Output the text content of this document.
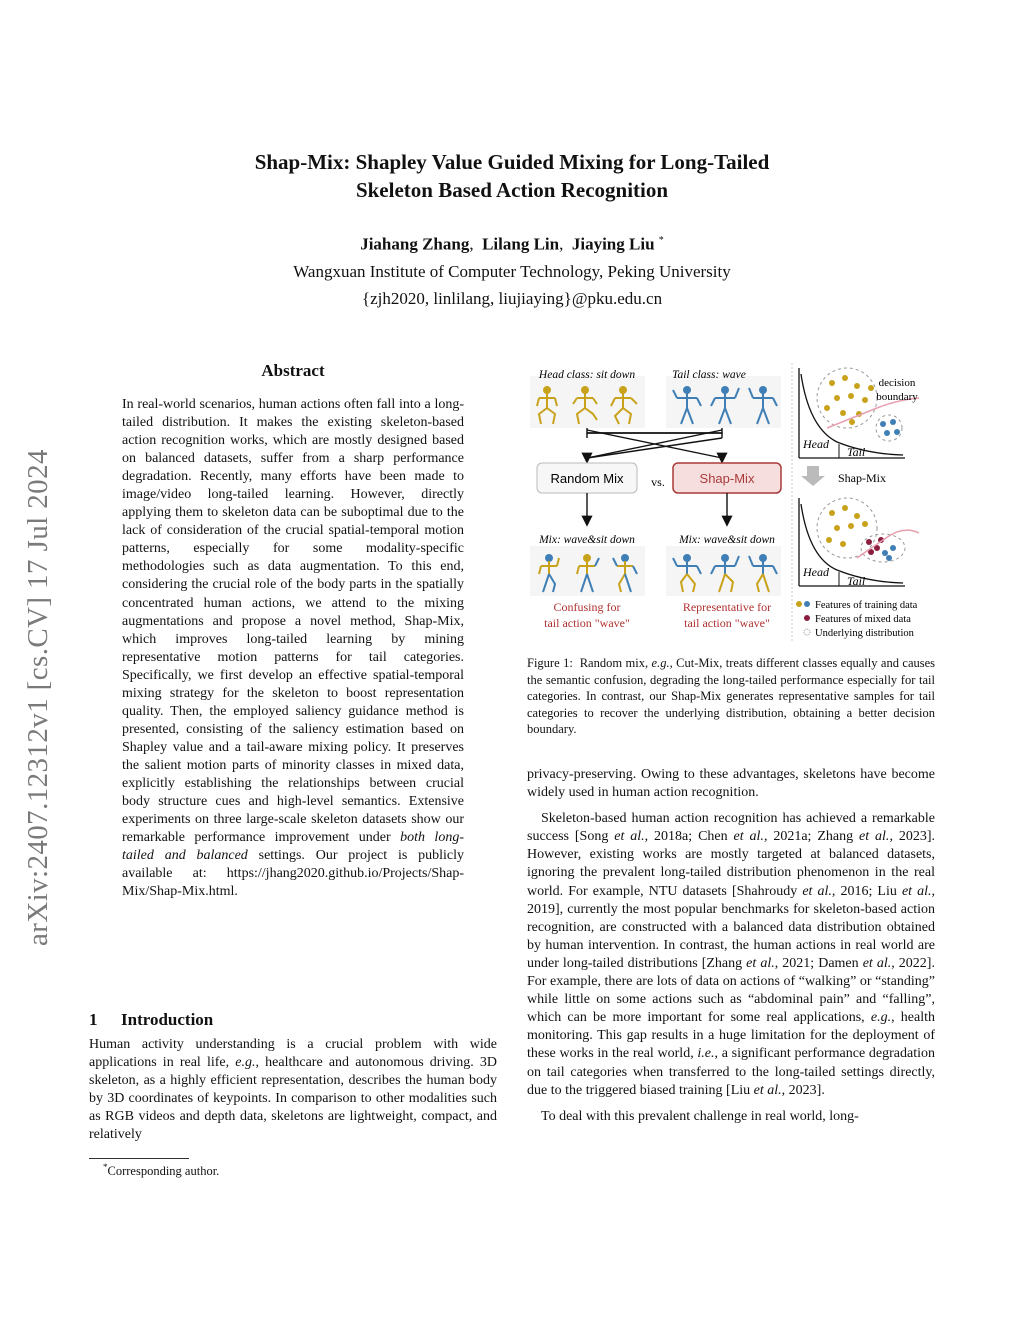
Shap-Mix: Shapley Value Guided Mixing for Long-Tailed
Skeleton Based Action Recognition
Jiahang Zhang,  Lilang Lin,  Jiaying Liu *
Wangxuan Institute of Computer Technology, Peking University
{zjh2020, linlilang, liujiaying}@pku.edu.cn
arXiv:2407.12312v1 [cs.CV] 17 Jul 2024
Abstract
In real-world scenarios, human actions often fall into a long-tailed distribution. It makes the existing skeleton-based action recognition works, which are mostly designed based on balanced datasets, suffer from a sharp performance degradation. Recently, many efforts have been made to image/video long-tailed learning. However, directly applying them to skeleton data can be suboptimal due to the lack of consideration of the crucial spatial-temporal motion patterns, especially for some modality-specific methodologies such as data augmentation. To this end, considering the crucial role of the body parts in the spatially concentrated human actions, we attend to the mixing augmentations and propose a novel method, Shap-Mix, which improves long-tailed learning by mining representative motion patterns for tail categories. Specifically, we first develop an effective spatial-temporal mixing strategy for the skeleton to boost representation quality. Then, the employed saliency guidance method is presented, consisting of the saliency estimation based on Shapley value and a tail-aware mixing policy. It preserves the salient motion parts of minority classes in mixed data, explicitly establishing the relationships between crucial body structure cues and high-level semantics. Extensive experiments on three large-scale skeleton datasets show our remarkable performance improvement under both long-tailed and balanced settings. Our project is publicly available at: https://jhang2020.github.io/Projects/Shap-Mix/Shap-Mix.html.
1 Introduction
Human activity understanding is a crucial problem with wide applications in real life, e.g., healthcare and autonomous driving. 3D skeleton, as a highly efficient representation, describes the human body by 3D coordinates of keypoints. In comparison to other modalities such as RGB videos and depth data, skeletons are lightweight, compact, and relatively
*Corresponding author.
Head class: sit down	Tail class: wave
Random Mix vs.	Shap-Mix
Mix: wave&sit down	Mix: wave&sit down
Confusing for
tail action "wave"
Representative for
tail action "wave"
decision
boundary
Head
Tail
Shap-Mix
Head
Tail
Features of training data
Features of mixed data
Underlying distribution
Figure 1: Random mix, e.g., Cut-Mix, treats different classes equally and causes the semantic confusion, degrading the long-tailed performance especially for tail categories. In contrast, our Shap-Mix generates representative samples for tail categories to recover the underlying distribution, obtaining a better decision boundary.

privacy-preserving. Owing to these advantages, skeletons have become widely used in human action recognition.

Skeleton-based human action recognition has achieved a remarkable success [Song et al., 2018a; Chen et al., 2021a; Zhang et al., 2023]. However, existing works are mostly targeted at balanced datasets, ignoring the prevalent long-tailed distribution phenomenon in the real world. For example, NTU datasets [Shahroudy et al., 2016; Liu et al., 2019], currently the most popular benchmarks for skeleton-based action recognition, are constructed with a balanced data distribution obtained by human intervention. In contrast, the human actions in real world are under long-tailed distributions [Zhang et al., 2021; Damen et al., 2022]. For example, there are lots of data on actions of “walking” or “standing” while little on some actions such as “abdominal pain” and “falling”, which can be more important for some real applications, e.g., health monitoring. This gap results in a huge limitation for the deployment of these works in the real world, i.e., a significant performance degradation on tail categories when transferred to the long-tailed settings directly, due to the triggered biased training [Liu et al., 2023].

To deal with this prevalent challenge in real world, long-
